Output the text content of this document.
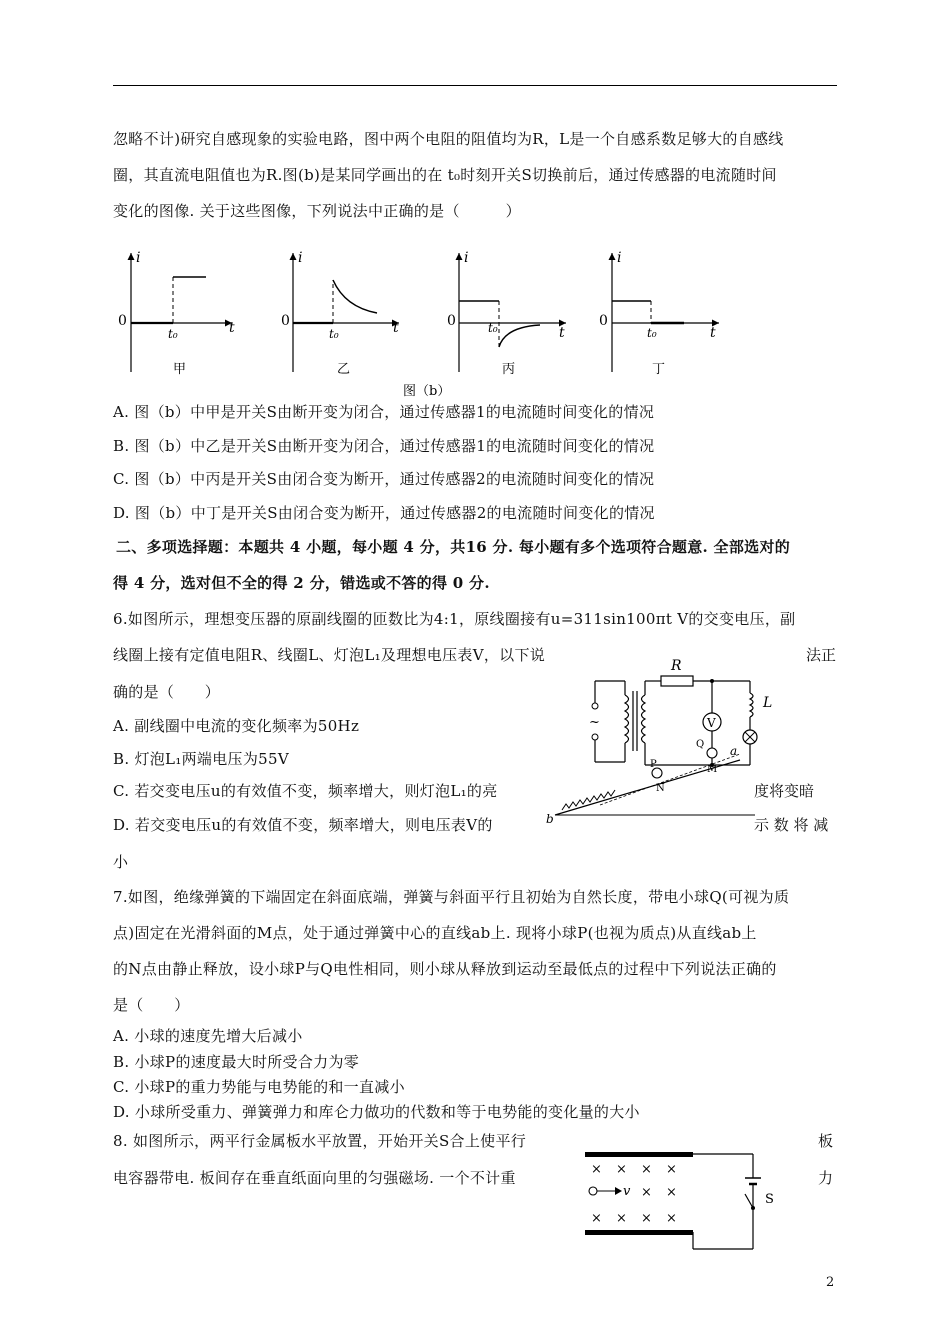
忽略不计)研究自感现象的实验电路，图中两个电阻的阻值均为R，L是一个自感系数足够大的自感线
圈，其直流电阻值也为R.图(b)是某同学画出的在 t₀时刻开关S切换前后，通过传感器的电流随时间
变化的图像. 关于这些图像，下列说法中正确的是（　　　）
i
0
t₀	t
甲
i
0
t₀	t
乙
i
0	t₀	t
丙
i
0
t₀	t
丁
图（b）
A. 图（b）中甲是开关S由断开变为闭合，通过传感器1的电流随时间变化的情况
B. 图（b）中乙是开关S由断开变为闭合，通过传感器1的电流随时间变化的情况
C. 图（b）中丙是开关S由闭合变为断开，通过传感器2的电流随时间变化的情况
D. 图（b）中丁是开关S由闭合变为断开，通过传感器2的电流随时间变化的情况
二、多项选择题：本题共 4 小题，每小题 4 分，共16 分. 每小题有多个选项符合题意. 全部选对的
得 4 分，选对但不全的得 2 分，错选或不答的得 0 分.
6.如图所示，理想变压器的原副线圈的匝数比为4:1，原线圈接有u=311sin100πt V的交变电压，副
线圈上接有定值电阻R、线圈L、灯泡L₁及理想电压表V，以下说	法正
确的是（　　）
A. 副线圈中电流的变化频率为50Hz
B. 灯泡L₁两端电压为55V
C. 若交变电压u的有效值不变，频率增大，则灯泡L₁的亮	度将变暗
D. 若交变电压u的有效值不变，频率增大，则电压表V的	示 数 将 减
小
~
R
V
L
b
a
P
Q
N
M
7.如图，绝缘弹簧的下端固定在斜面底端，弹簧与斜面平行且初始为自然长度，带电小球Q(可视为质
点)固定在光滑斜面的M点，处于通过弹簧中心的直线ab上. 现将小球P(也视为质点)从直线ab上
的N点由静止释放，设小球P与Q电性相同，则小球从释放到运动至最低点的过程中下列说法正确的
是（　　）
A. 小球的速度先增大后减小
B. 小球P的速度最大时所受合力为零
C. 小球P的重力势能与电势能的和一直减小
D. 小球所受重力、弹簧弹力和库仑力做功的代数和等于电势能的变化量的大小
8. 如图所示，两平行金属板水平放置，开始开关S合上使平行	板
电容器带电. 板间存在垂直纸面向里的匀强磁场. 一个不计重	力
S
× × × ×
× ×
× × × ×
v
2
